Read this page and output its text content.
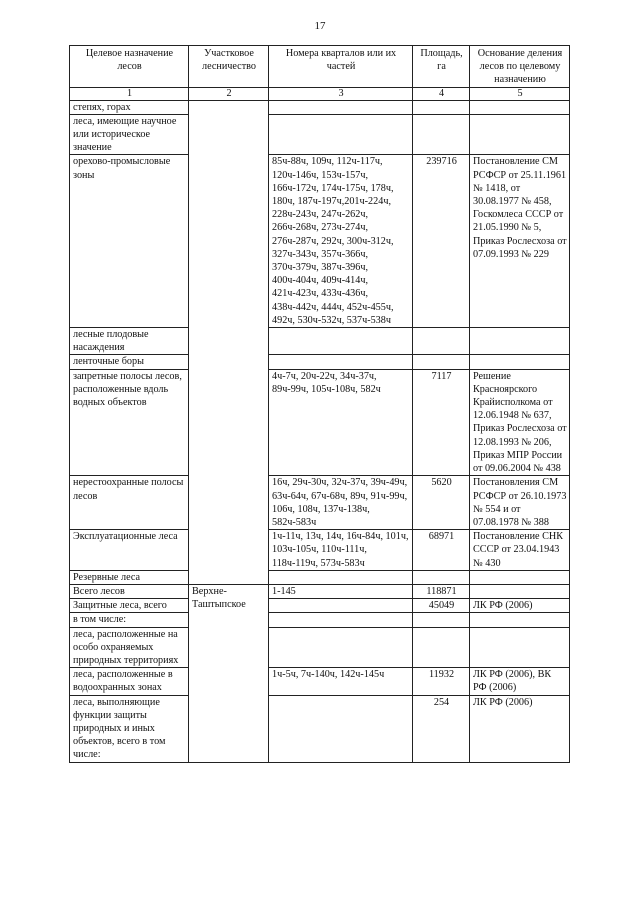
17
Целевое назначение лесов	Участковое лесничество	Номера кварталов или их частей	Площадь, га	Основание деления лесов по целевому назначению
1	2	3	4	5
степях, горах				
леса, имеющие научное или историческое значение				
орехово-промысловые зоны		85ч-88ч, 109ч, 112ч-117ч, 120ч-146ч, 153ч-157ч, 166ч-172ч, 174ч-175ч, 178ч, 180ч, 187ч-197ч,201ч-224ч, 228ч-243ч, 247ч-262ч, 266ч-268ч, 273ч-274ч, 276ч-287ч, 292ч, 300ч-312ч, 327ч-343ч, 357ч-366ч, 370ч-379ч, 387ч-396ч, 400ч-404ч, 409ч-414ч, 421ч-423ч, 433ч-436ч, 438ч-442ч, 444ч, 452ч-455ч, 492ч, 530ч-532ч, 537ч-538ч	239716	Постановление СМ РСФСР от 25.11.1961 № 1418, от 30.08.1977 № 458, Госкомлеса СССР от 21.05.1990 № 5, Приказ Рослесхоза от 07.09.1993 № 229
лесные плодовые насаждения				
ленточные боры				
запретные полосы лесов, расположенные вдоль водных объектов		4ч-7ч, 20ч-22ч, 34ч-37ч, 89ч-99ч, 105ч-108ч, 582ч	7117	Решение Красноярского Крайисполкома от 12.06.1948 № 637, Приказ Рослесхоза от 12.08.1993 № 206, Приказ МПР России от 09.06.2004 № 438
нерестоохранные полосы лесов		16ч, 29ч-30ч, 32ч-37ч, 39ч-49ч, 63ч-64ч, 67ч-68ч, 89ч, 91ч-99ч, 106ч, 108ч, 137ч-138ч, 582ч-583ч	5620	Постановления СМ РСФСР от 26.10.1973 № 554 и от 07.08.1978 № 388
Эксплуатационные леса		1ч-11ч, 13ч, 14ч, 16ч-84ч, 101ч, 103ч-105ч, 110ч-111ч, 118ч-119ч, 573ч-583ч	68971	Постановление СНК СССР от 23.04.1943 № 430
Резервные леса				
Всего лесов	Верхне-Таштыпское	1-145	118871	
Защитные леса, всего			45049	ЛК РФ (2006)
в том числе:				
леса, расположенные на особо охраняемых природных территориях				
леса, расположенные в водоохранных зонах		1ч-5ч, 7ч-140ч, 142ч-145ч	11932	ЛК РФ (2006), ВК РФ (2006)
леса, выполняющие функции защиты природных и иных объектов, всего в том числе:			254	ЛК РФ (2006)
